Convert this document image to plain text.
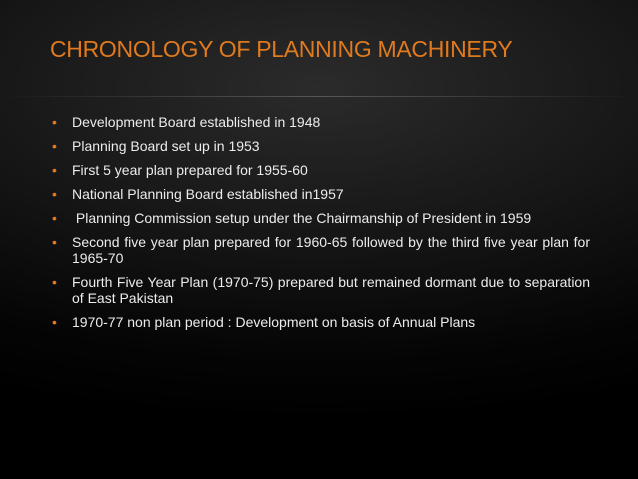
CHRONOLOGY OF PLANNING MACHINERY
• Development Board established in 1948
• Planning Board set up in 1953
• First 5 year plan prepared for 1955-60
• National Planning Board established in1957
• Planning Commission setup under the Chairmanship of President in 1959
• Second five year plan prepared for 1960-65 followed by the third five year plan for 1965-70
• Fourth Five Year Plan (1970-75) prepared but remained dormant due to separation of East Pakistan
• 1970-77 non plan period : Development on basis of Annual Plans
